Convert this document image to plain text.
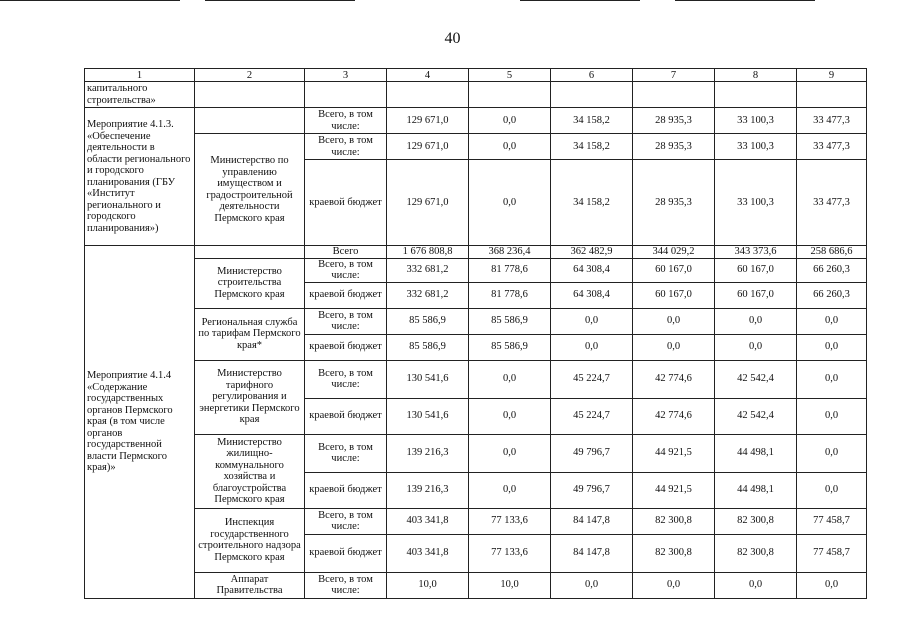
40
1	2	3	4	5	6	7	8	9
капитального строительства»								
Мероприятие 4.1.3. «Обеспечение деятельности в области регионального и городского планирования (ГБУ «Институт регионального и городского планирования»)		Всего, в том числе:	129 671,0	0,0	34 158,2	28 935,3	33 100,3	33 477,3
	Министерство по управлению имуществом и градостроительной деятельности Пермского края	Всего, в том числе:	129 671,0	0,0	34 158,2	28 935,3	33 100,3	33 477,3
		краевой бюджет	129 671,0	0,0	34 158,2	28 935,3	33 100,3	33 477,3
Мероприятие 4.1.4 «Содержание государственных органов Пермского края (в том числе органов государственной власти Пермского края)»		Всего	1 676 808,8	368 236,4	362 482,9	344 029,2	343 373,6	258 686,6
	Министерство строительства Пермского края	Всего, в том числе:	332 681,2	81 778,6	64 308,4	60 167,0	60 167,0	66 260,3
		краевой бюджет	332 681,2	81 778,6	64 308,4	60 167,0	60 167,0	66 260,3
	Региональная служба по тарифам Пермского края*	Всего, в том числе:	85 586,9	85 586,9	0,0	0,0	0,0	0,0
		краевой бюджет	85 586,9	85 586,9	0,0	0,0	0,0	0,0
	Министерство тарифного регулирования и энергетики Пермского края	Всего, в том числе:	130 541,6	0,0	45 224,7	42 774,6	42 542,4	0,0
		краевой бюджет	130 541,6	0,0	45 224,7	42 774,6	42 542,4	0,0
	Министерство жилищно-коммунального хозяйства и благоустройства Пермского края	Всего, в том числе:	139 216,3	0,0	49 796,7	44 921,5	44 498,1	0,0
		краевой бюджет	139 216,3	0,0	49 796,7	44 921,5	44 498,1	0,0
	Инспекция государственного строительного надзора Пермского края	Всего, в том числе:	403 341,8	77 133,6	84 147,8	82 300,8	82 300,8	77 458,7
		краевой бюджет	403 341,8	77 133,6	84 147,8	82 300,8	82 300,8	77 458,7
	Аппарат Правительства	Всего, в том числе:	10,0	10,0	0,0	0,0	0,0	0,0
